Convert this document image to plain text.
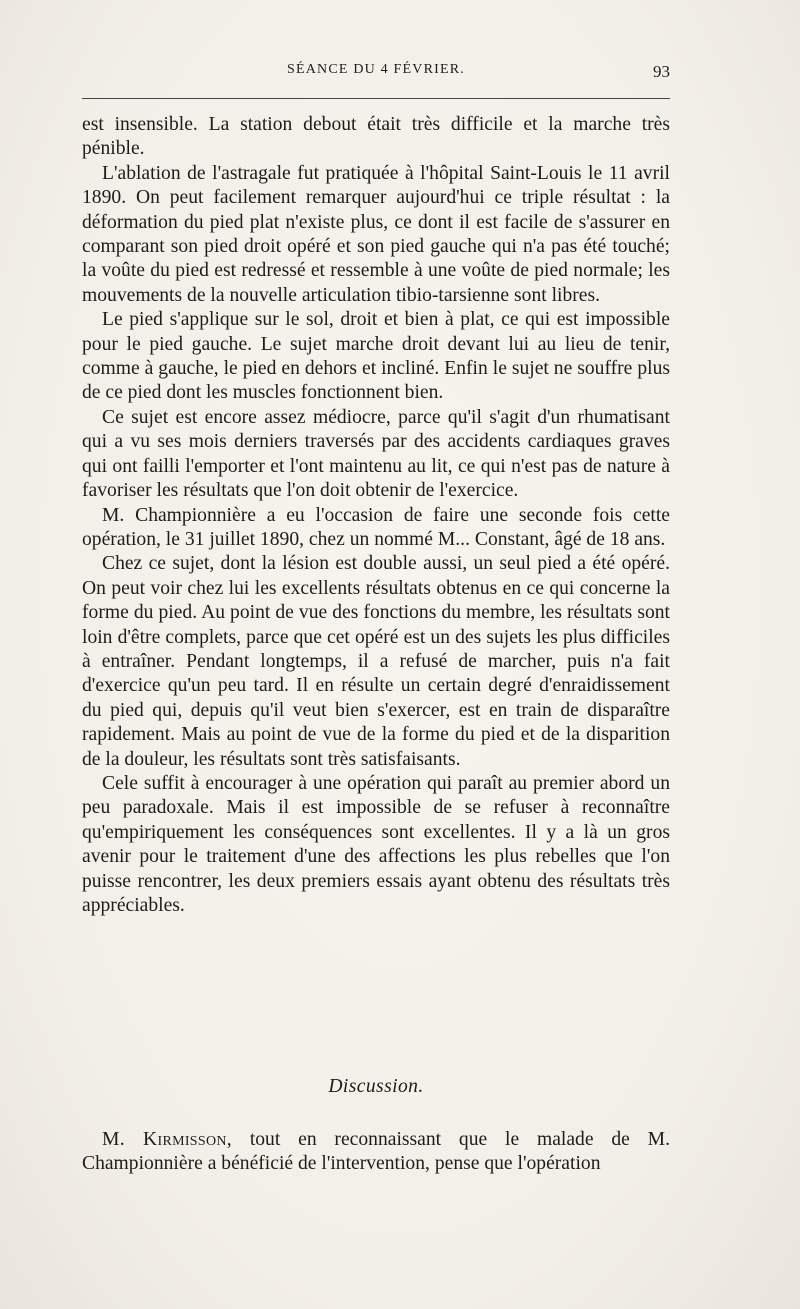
SÉANCE DU 4 FÉVRIER.	93

est insensible. La station debout était très difficile et la marche très pénible.

L'ablation de l'astragale fut pratiquée à l'hôpital Saint-Louis le 11 avril 1890. On peut facilement remarquer aujourd'hui ce triple résultat : la déformation du pied plat n'existe plus, ce dont il est facile de s'assurer en comparant son pied droit opéré et son pied gauche qui n'a pas été touché; la voûte du pied est redressé et ressemble à une voûte de pied normale; les mouvements de la nouvelle articulation tibio-tarsienne sont libres.

Le pied s'applique sur le sol, droit et bien à plat, ce qui est impossible pour le pied gauche. Le sujet marche droit devant lui au lieu de tenir, comme à gauche, le pied en dehors et incliné. Enfin le sujet ne souffre plus de ce pied dont les muscles fonctionnent bien.

Ce sujet est encore assez médiocre, parce qu'il s'agit d'un rhumatisant qui a vu ses mois derniers traversés par des accidents cardiaques graves qui ont failli l'emporter et l'ont maintenu au lit, ce qui n'est pas de nature à favoriser les résultats que l'on doit obtenir de l'exercice.

M. Championnière a eu l'occasion de faire une seconde fois cette opération, le 31 juillet 1890, chez un nommé M... Constant, âgé de 18 ans.

Chez ce sujet, dont la lésion est double aussi, un seul pied a été opéré. On peut voir chez lui les excellents résultats obtenus en ce qui concerne la forme du pied. Au point de vue des fonctions du membre, les résultats sont loin d'être complets, parce que cet opéré est un des sujets les plus difficiles à entraîner. Pendant longtemps, il a refusé de marcher, puis n'a fait d'exercice qu'un peu tard. Il en résulte un certain degré d'enraidissement du pied qui, depuis qu'il veut bien s'exercer, est en train de disparaître rapidement. Mais au point de vue de la forme du pied et de la disparition de la douleur, les résultats sont très satisfaisants.

Cele suffit à encourager à une opération qui paraît au premier abord un peu paradoxale. Mais il est impossible de se refuser à reconnaître qu'empiriquement les conséquences sont excellentes. Il y a là un gros avenir pour le traitement d'une des affections les plus rebelles que l'on puisse rencontrer, les deux premiers essais ayant obtenu des résultats très appréciables.

Discussion.

M. Kirmisson, tout en reconnaissant que le malade de M. Championnière a bénéficié de l'intervention, pense que l'opération
